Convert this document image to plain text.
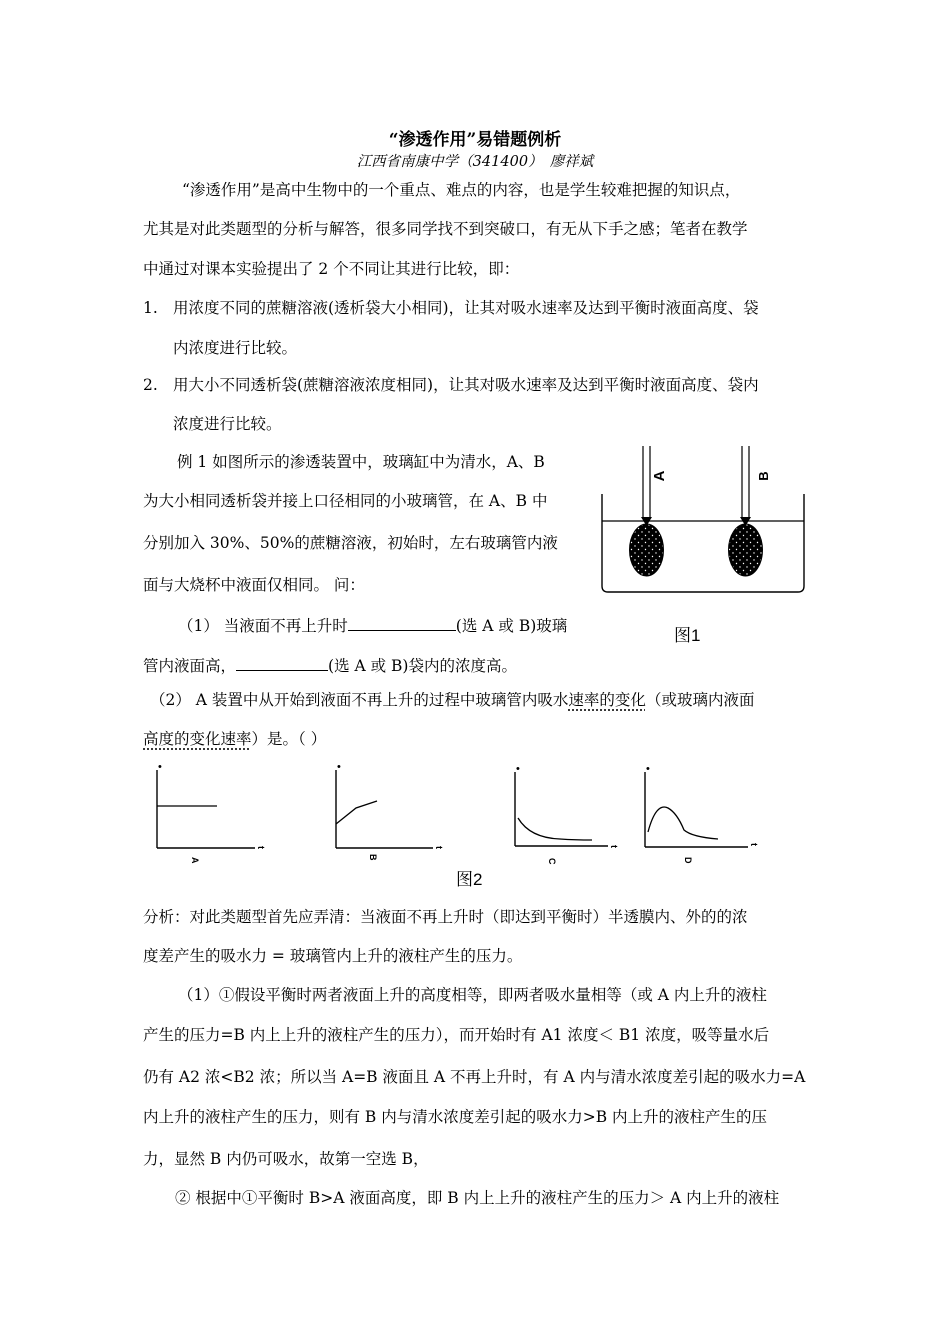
“渗透作用”易错题例析
江西省南康中学（341400）　廖祥斌
“渗透作用”是高中生物中的一个重点、难点的内容，也是学生较难把握的知识点，
尤其是对此类题型的分析与解答，很多同学找不到突破口，有无从下手之感；笔者在教学
中通过对课本实验提出了 2 个不同让其进行比较，即：
1. 用浓度不同的蔗糖溶液(透析袋大小相同)，让其对吸水速率及达到平衡时液面高度、袋
内浓度进行比较。
2. 用大小不同透析袋(蔗糖溶液浓度相同)，让其对吸水速率及达到平衡时液面高度、袋内
浓度进行比较。
例 1 如图所示的渗透装置中，玻璃缸中为清水，A、B
为大小相同透析袋并接上口径相同的小玻璃管，在 A、B 中
分别加入 30%、50%的蔗糖溶液，初始时，左右玻璃管内液
面与大烧杯中液面仅相同。 问：
（1） 当液面不再上升时	(选 A 或 B)玻璃
管内液面高，	(选 A 或 B)袋内的浓度高。
（2） A 装置中从开始到液面不再上升的过程中玻璃管内吸水速率的变化（或玻璃内液面
高度的变化速率）是。（ ）
A	B
图1
•
A
t
•
B
t
•
C
t
•
D
t
图2
分析：对此类题型首先应弄清：当液面不再上升时（即达到平衡时）半透膜内、外的的浓
度差产生的吸水力 = 玻璃管内上升的液柱产生的压力。
（1）①假设平衡时两者液面上升的高度相等，即两者吸水量相等（或 A 内上升的液柱
产生的压力=B 内上上升的液柱产生的压力），而开始时有 A1 浓度＜ B1 浓度，吸等量水后
仍有 A2 浓<B2 浓；所以当 A=B 液面且 A 不再上升时，有 A 内与清水浓度差引起的吸水力=A
内上升的液柱产生的压力，则有 B 内与清水浓度差引起的吸水力>B 内上升的液柱产生的压
力，显然 B 内仍可吸水，故第一空选 B，
② 根据中①平衡时 B>A 液面高度，即 B 内上上升的液柱产生的压力＞ A 内上升的液柱
